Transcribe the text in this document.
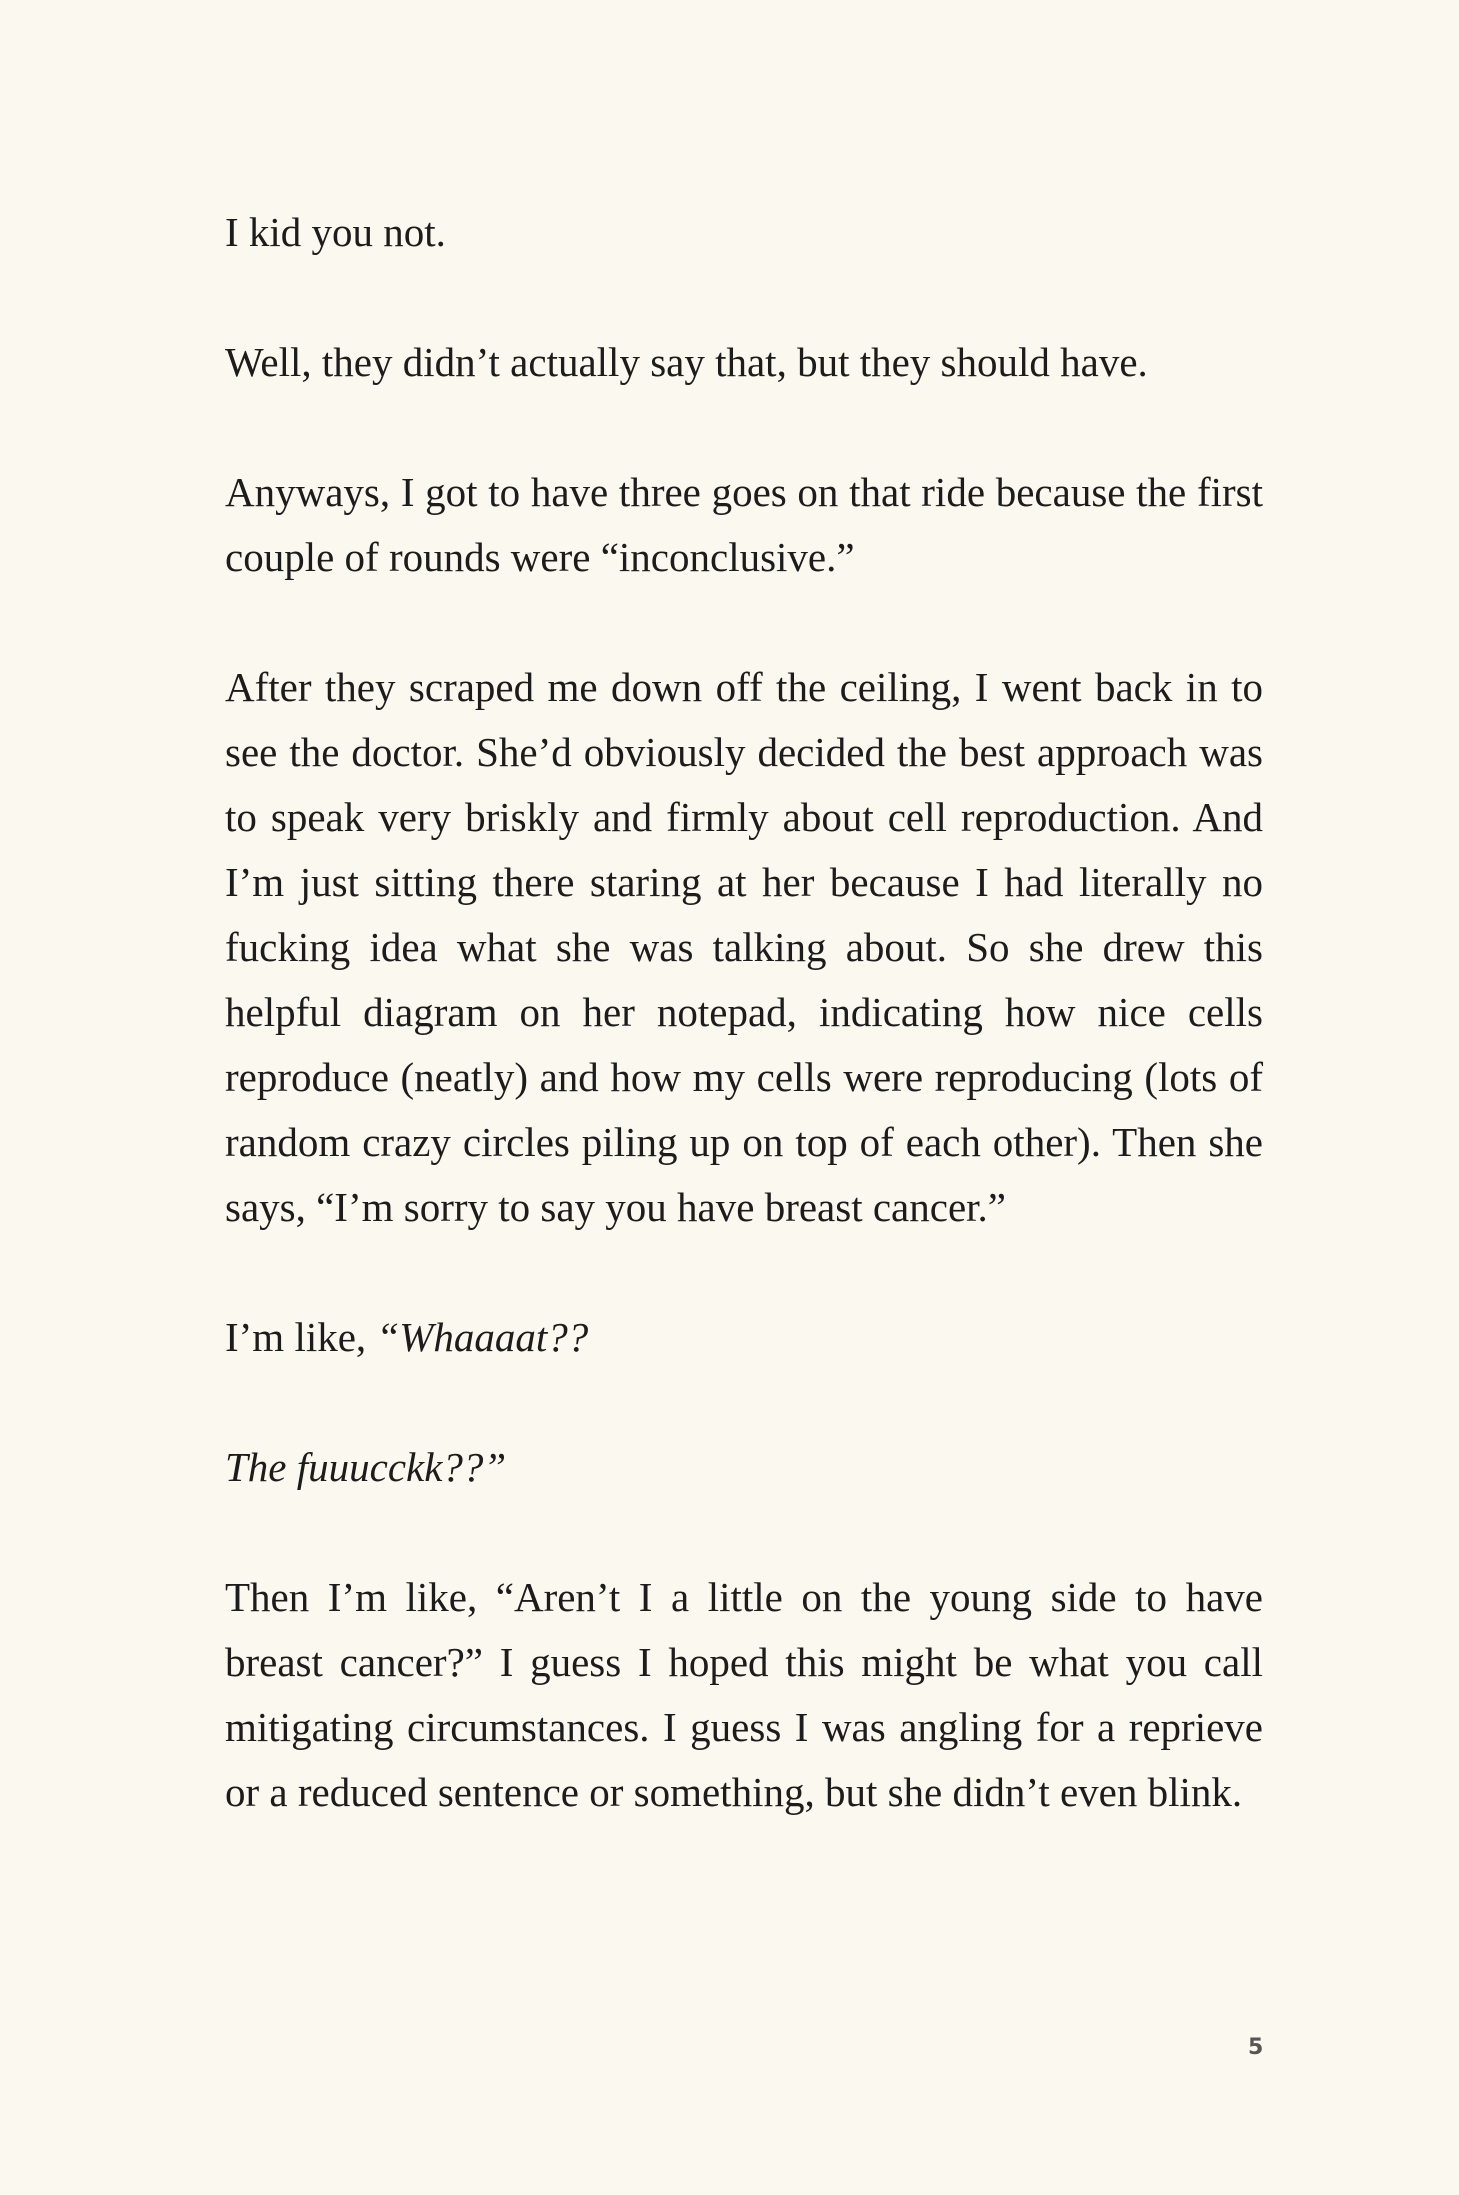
I kid you not.

Well, they didn’t actually say that, but they should have.

Anyways, I got to have three goes on that ride because the first couple of rounds were “inconclusive.”

After they scraped me down off the ceiling, I went back in to see the doctor. She’d obviously decided the best approach was to speak very briskly and firmly about cell reproduction. And I’m just sitting there staring at her because I had literally no fucking idea what she was talking about. So she drew this helpful diagram on her notepad, indicating how nice cells reproduce (neatly) and how my cells were reproducing (lots of random crazy circles piling up on top of each other). Then she says, “I’m sorry to say you have breast cancer.”

I’m like, “Whaaaat??

The fuuucckk??”

Then I’m like, “Aren’t I a little on the young side to have breast cancer?” I guess I hoped this might be what you call mitigating circumstances. I guess I was angling for a reprieve or a reduced sentence or something, but she didn’t even blink.

5
